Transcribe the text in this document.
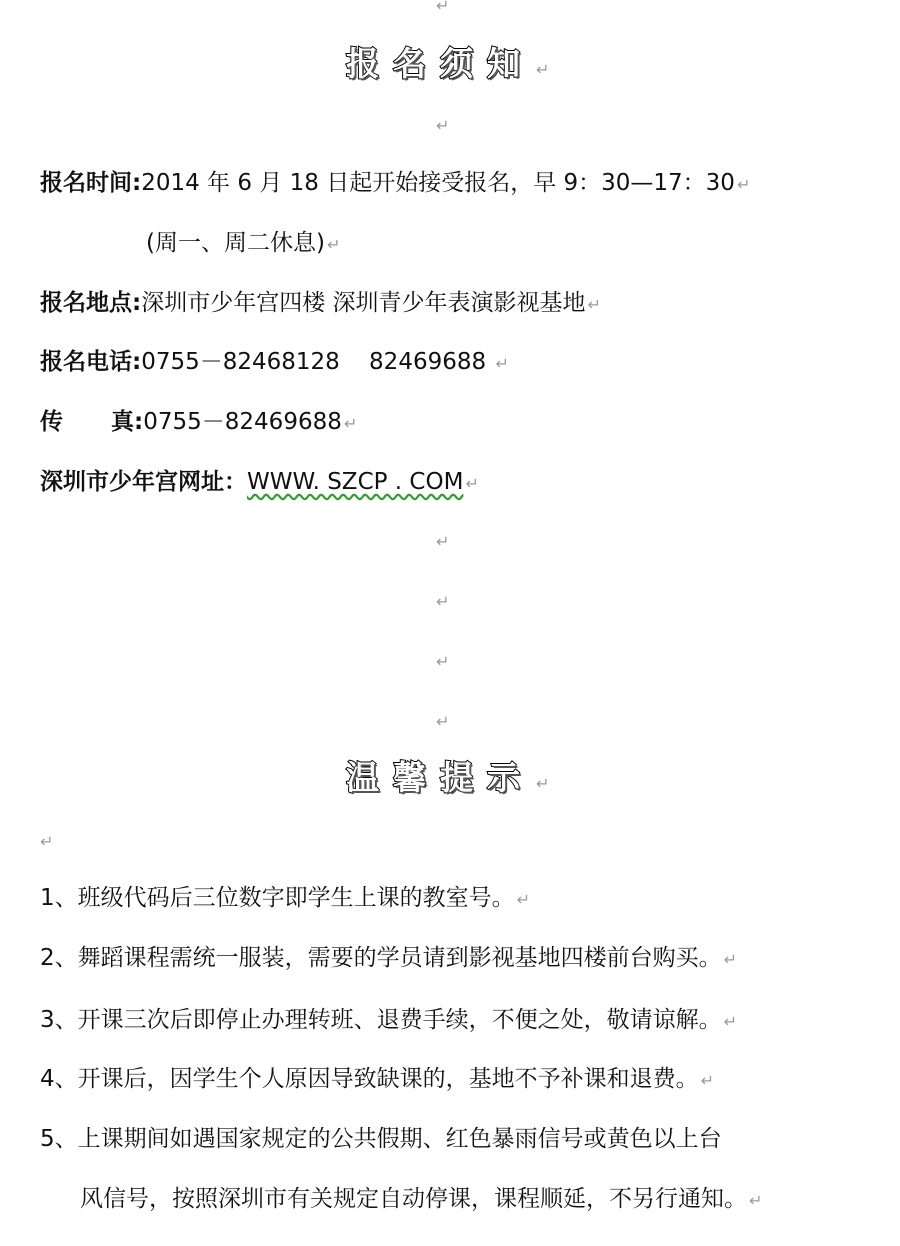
↵
报名须知 ↵
↵
报名时间:2014 年 6 月 18 日起开始接受报名，早 9：30—17：30 ↵
(周一、周二休息) ↵
报名地点:深圳市少年宫四楼 深圳青少年表演影视基地 ↵
报名电话:0755－82468128    82469688 ↵
传      真:0755－82469688 ↵
深圳市少年宫网址：WWW. SZCP . COM ↵
↵
↵
↵
↵
温馨提示 ↵
↵
1、班级代码后三位数字即学生上课的教室号。 ↵
2、舞蹈课程需统一服装，需要的学员请到影视基地四楼前台购买。 ↵
3、开课三次后即停止办理转班、退费手续，不便之处，敬请谅解。 ↵
4、开课后，因学生个人原因导致缺课的，基地不予补课和退费。 ↵
5、上课期间如遇国家规定的公共假期、红色暴雨信号或黄色以上台
风信号，按照深圳市有关规定自动停课，课程顺延，不另行通知。 ↵
